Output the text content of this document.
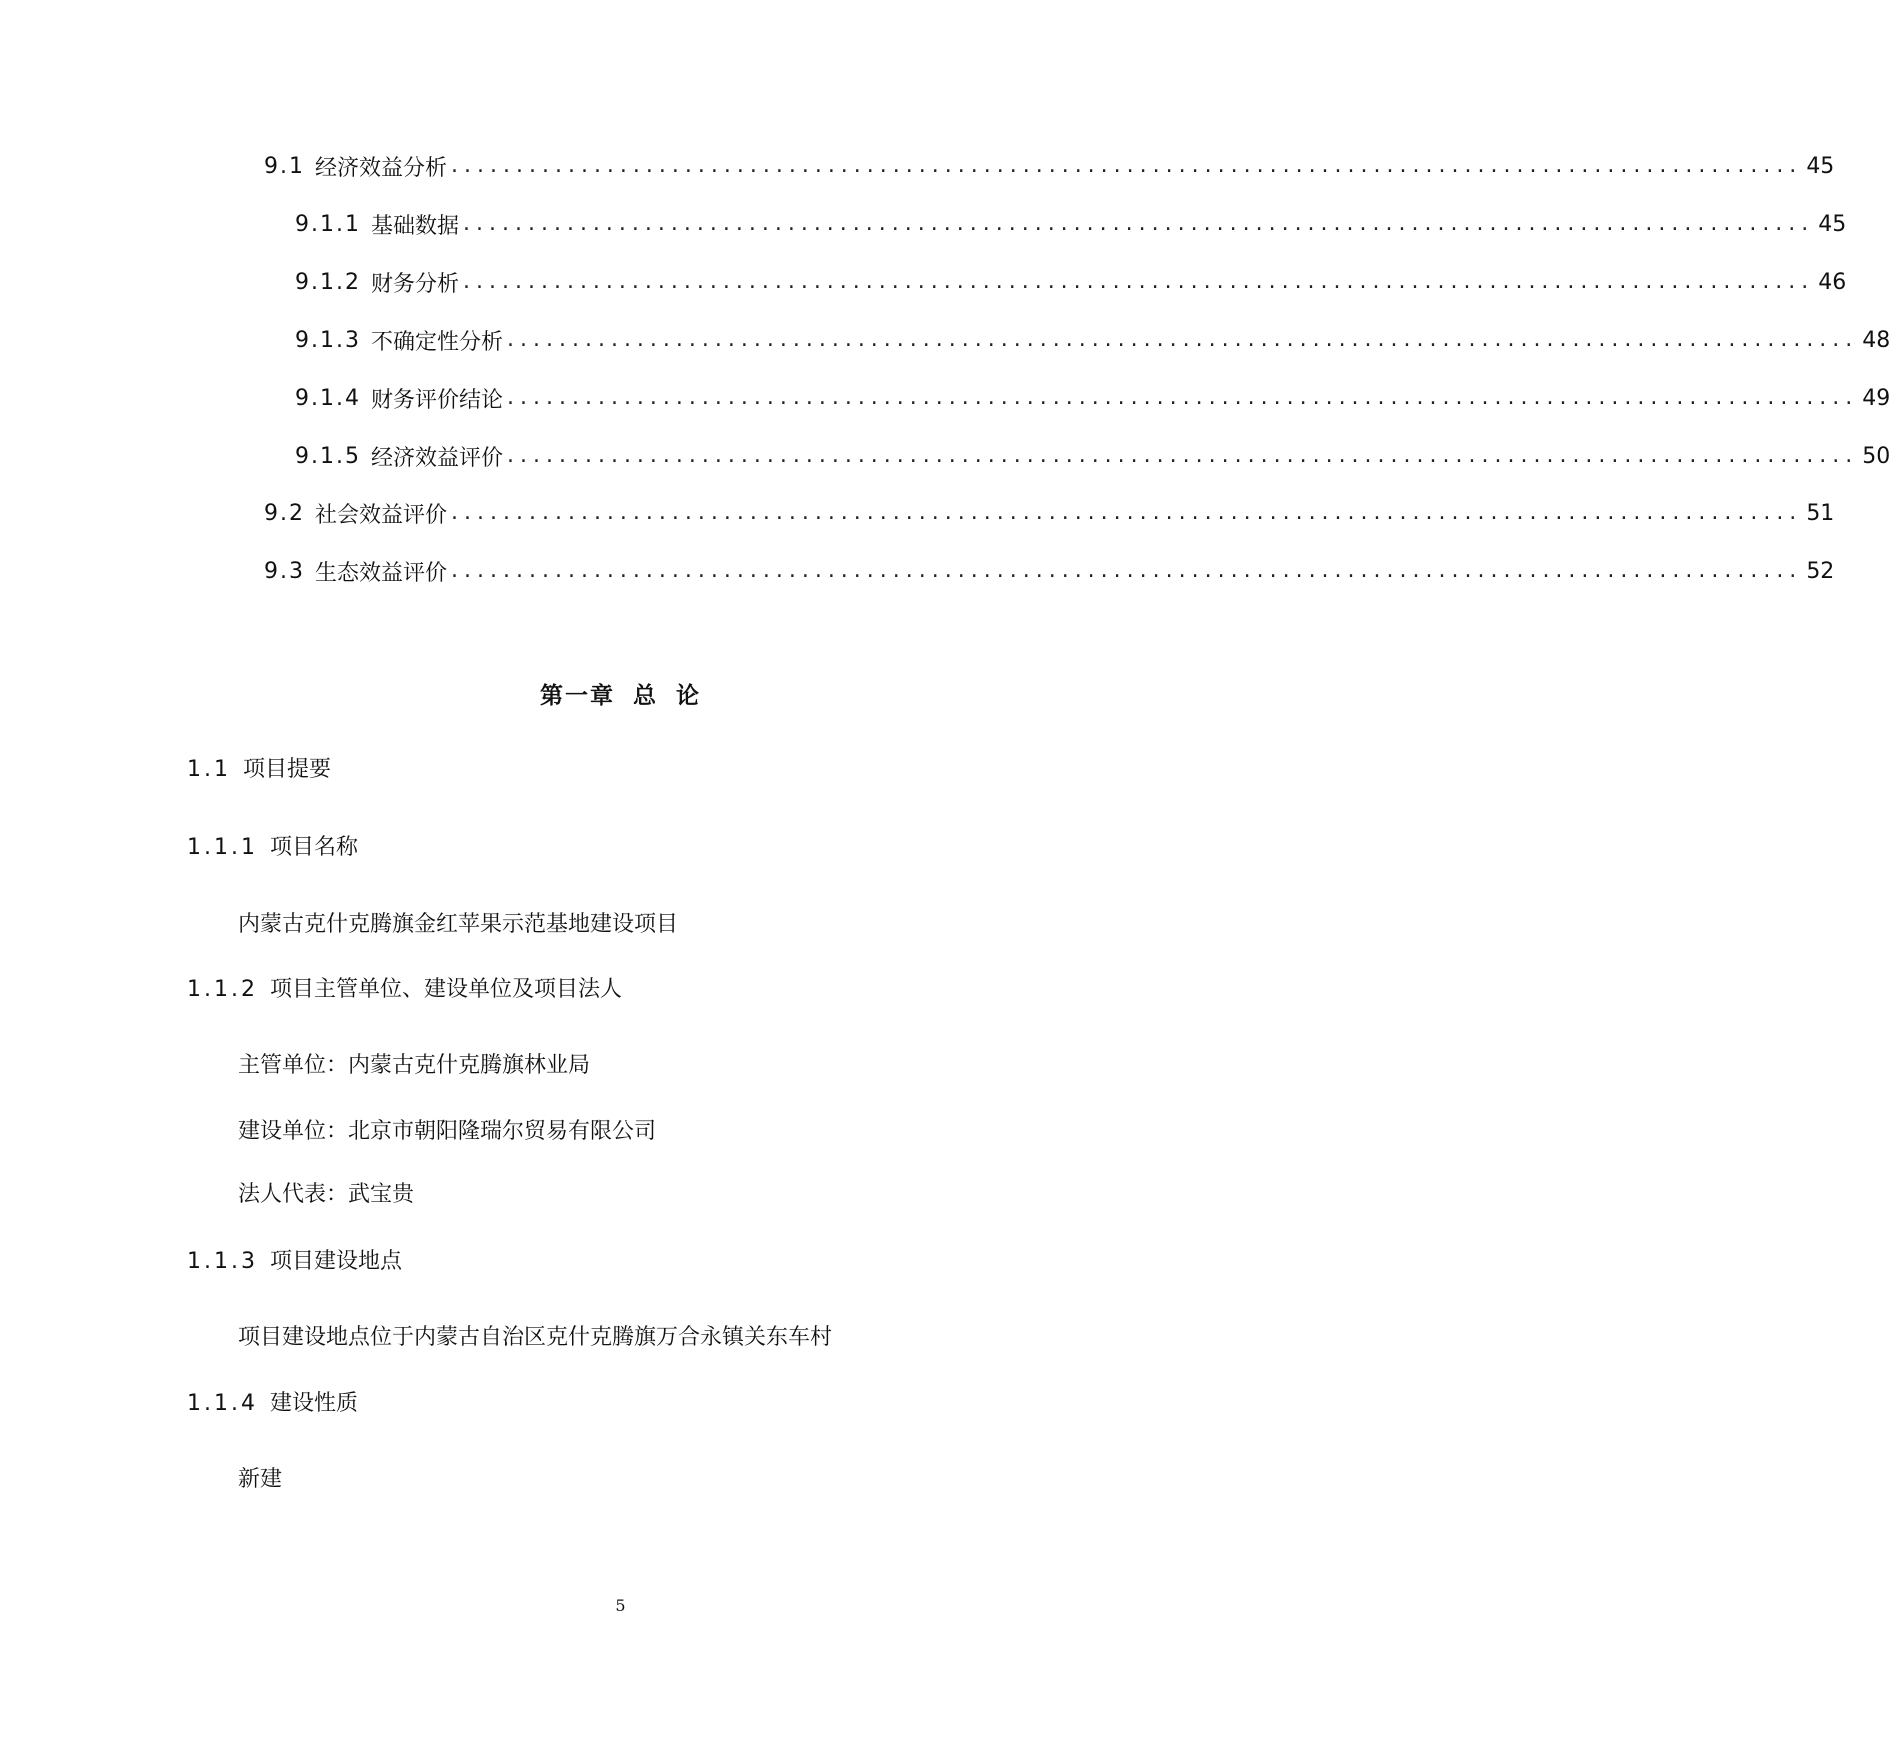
9.1 经济效益分析 ........................................................................................................ 45
9.1.1 基础数据 ........................................................................................................ 45
9.1.2 财务分析 ........................................................................................................ 46
9.1.3 不确定性分析 ........................................................................................................ 48
9.1.4 财务评价结论 ........................................................................................................ 49
9.1.5 经济效益评价 ........................................................................................................ 50
9.2 社会效益评价 ........................................................................................................ 51
9.3 生态效益评价 ........................................................................................................ 52
第一章 总 论
1.1 项目提要
1.1.1 项目名称
内蒙古克什克腾旗金红苹果示范基地建设项目
1.1.2 项目主管单位、建设单位及项目法人
主管单位：内蒙古克什克腾旗林业局
建设单位：北京市朝阳隆瑞尔贸易有限公司
法人代表：武宝贵
1.1.3 项目建设地点
项目建设地点位于内蒙古自治区克什克腾旗万合永镇关东车村
1.1.4 建设性质
新建
5
